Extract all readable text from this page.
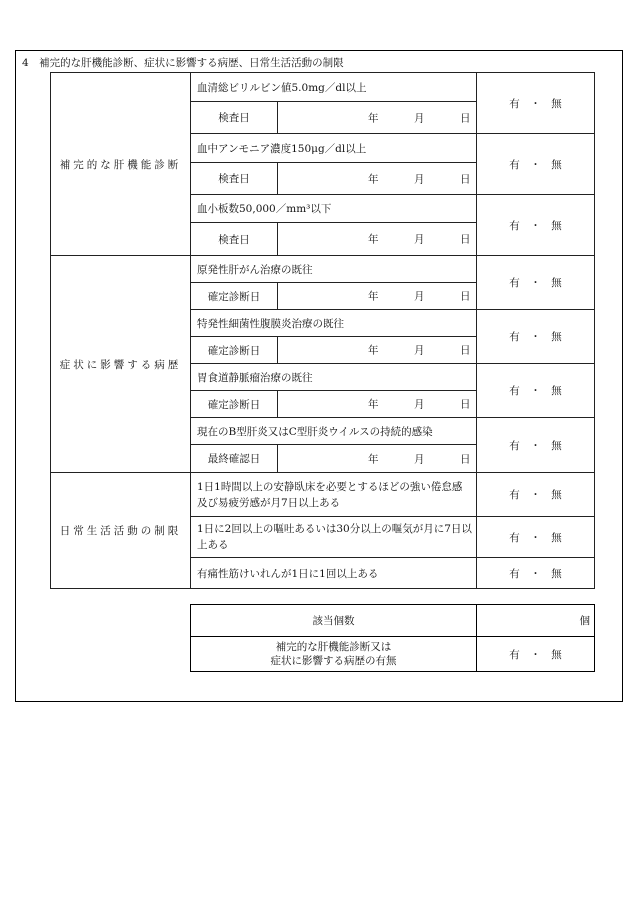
4　補完的な肝機能診断、症状に影響する病歴、日常生活活動の制限
補完的な肝機能診断	血清総ビリルビン値5.0mg／dl以上		有　・　無
	検査日	年 月 日	

	血中アンモニア濃度150μg／dl以上		有　・　無
	検査日	年 月 日	

	血小板数50,000／mm³以下		有　・　無
	検査日	年 月 日	

症状に影響する病歴	原発性肝がん治療の既往		有　・　無
	確定診断日	年 月 日	

	特発性細菌性腹膜炎治療の既往		有　・　無
	確定診断日	年 月 日	

	胃食道静脈瘤治療の既往		有　・　無
	確定診断日	年 月 日	

	現在のB型肝炎又はC型肝炎ウイルスの持続的感染		有　・　無
	最終確認日	年 月 日	

日常生活活動の制限	1日1時間以上の安静臥床を必要とするほどの強い倦怠感及び易疲労感が月7日以上ある		有　・　無
	1日に2回以上の嘔吐あるいは30分以上の嘔気が月に7日以上ある		有　・　無
	有痛性筋けいれんが1日に1回以上ある		有　・　無
該当個数	個

補完的な肝機能診断又は
症状に影響する病歴の有無	有　・　無
